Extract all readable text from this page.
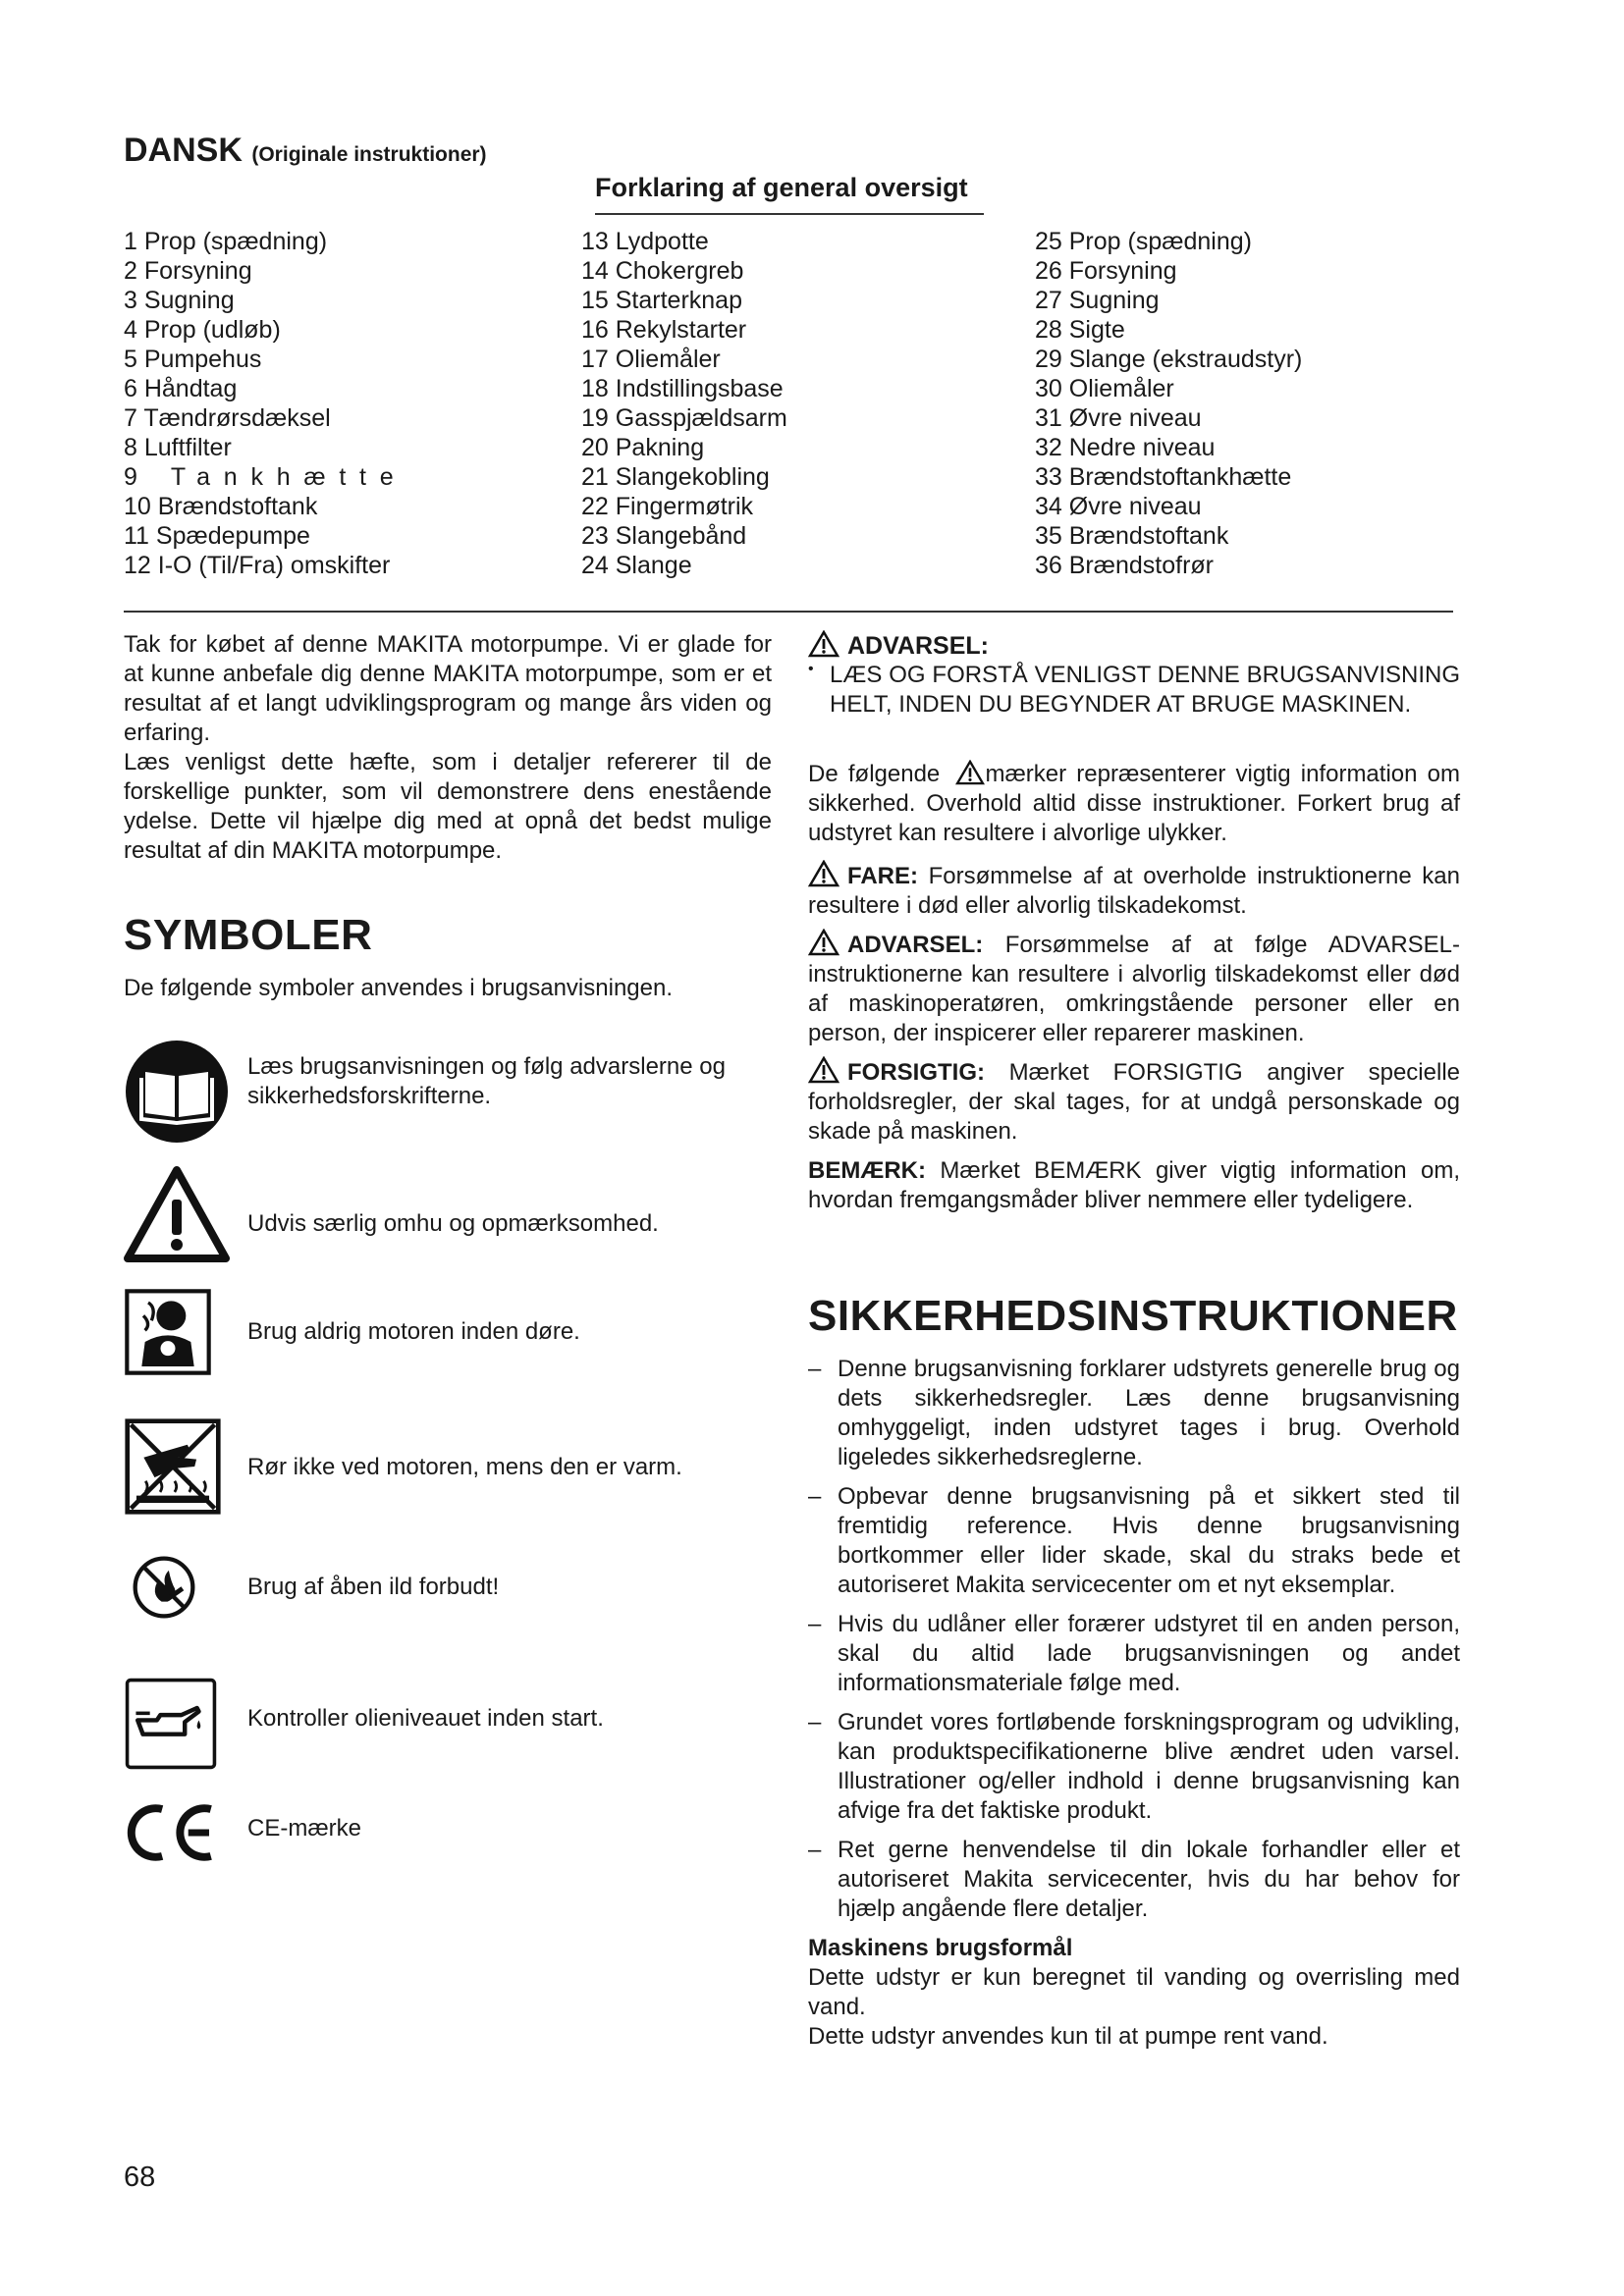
DANSK (Originale instruktioner)
Forklaring af general oversigt
1 Prop (spædning)
2 Forsyning
3 Sugning
4 Prop (udløb)
5 Pumpehus
6 Håndtag
7 Tændrørsdæksel
8 Luftfilter
9 Tankhætte
10 Brændstoftank
11 Spædepumpe
12 I-O (Til/Fra) omskifter
13 Lydpotte
14 Chokergreb
15 Starterknap
16 Rekylstarter
17 Oliemåler
18 Indstillingsbase
19 Gasspjældsarm
20 Pakning
21 Slangekobling
22 Fingermøtrik
23 Slangebånd
24 Slange
25 Prop (spædning)
26 Forsyning
27 Sugning
28 Sigte
29 Slange (ekstraudstyr)
30 Oliemåler
31 Øvre niveau
32 Nedre niveau
33 Brændstoftankhætte
34 Øvre niveau
35 Brændstoftank
36 Brændstofrør

Tak for købet af denne MAKITA motorpumpe. Vi er glade for at kunne anbefale dig denne MAKITA motorpumpe, som er et resultat af et langt udviklingsprogram og mange års viden og erfaring.

Læs venligst dette hæfte, som i detaljer refererer til de forskellige punkter, som vil demonstrere dens enestående ydelse. Dette vil hjælpe dig med at opnå det bedst mulige resultat af din MAKITA motorpumpe.

SYMBOLER

De følgende symboler anvendes i brugsanvisningen.

Læs brugsanvisningen og følg advarslerne og sikkerhedsforskrifterne.
Udvis særlig omhu og opmærksomhed.
Brug aldrig motoren inden døre.
Rør ikke ved motoren, mens den er varm.
Brug af åben ild forbudt!
Kontroller olieniveauet inden start.
CE-mærke
ADVARSEL:
• LÆS OG FORSTÅ VENLIGST DENNE BRUGSANVISNING HELT, INDEN DU BEGYNDER AT BRUGE MASKINEN.

De følgende mærker repræsenterer vigtig information om sikkerhed. Overhold altid disse instruktioner. Forkert brug af udstyret kan resultere i alvorlige ulykker.

FARE: Forsømmelse af at overholde instruktionerne kan resultere i død eller alvorlig tilskadekomst.

ADVARSEL: Forsømmelse af at følge ADVARSEL-instruktionerne kan resultere i alvorlig tilskadekomst eller død af maskinoperatøren, omkringstående personer eller en person, der inspicerer eller reparerer maskinen.

FORSIGTIG: Mærket FORSIGTIG angiver specielle forholdsregler, der skal tages, for at undgå personskade og skade på maskinen.

BEMÆRK: Mærket BEMÆRK giver vigtig information om, hvordan fremgangsmåder bliver nemmere eller tydeligere.

SIKKERHEDSINSTRUKTIONER

– Denne brugsanvisning forklarer udstyrets generelle brug og dets sikkerhedsregler. Læs denne brugsanvisning omhyggeligt, inden udstyret tages i brug. Overhold ligeledes sikkerhedsreglerne.

– Opbevar denne brugsanvisning på et sikkert sted til fremtidig reference. Hvis denne brugsanvisning bortkommer eller lider skade, skal du straks bede et autoriseret Makita servicecenter om et nyt eksemplar.

– Hvis du udlåner eller forærer udstyret til en anden person, skal du altid lade brugsanvisningen og andet informationsmateriale følge med.

– Grundet vores fortløbende forskningsprogram og udvikling, kan produktspecifikationerne blive ændret uden varsel. Illustrationer og/eller indhold i denne brugsanvisning kan afvige fra det faktiske produkt.

– Ret gerne henvendelse til din lokale forhandler eller et autoriseret Makita servicecenter, hvis du har behov for hjælp angående flere detaljer.

Maskinens brugsformål

Dette udstyr er kun beregnet til vanding og overrisling med vand.

Dette udstyr anvendes kun til at pumpe rent vand.

68
